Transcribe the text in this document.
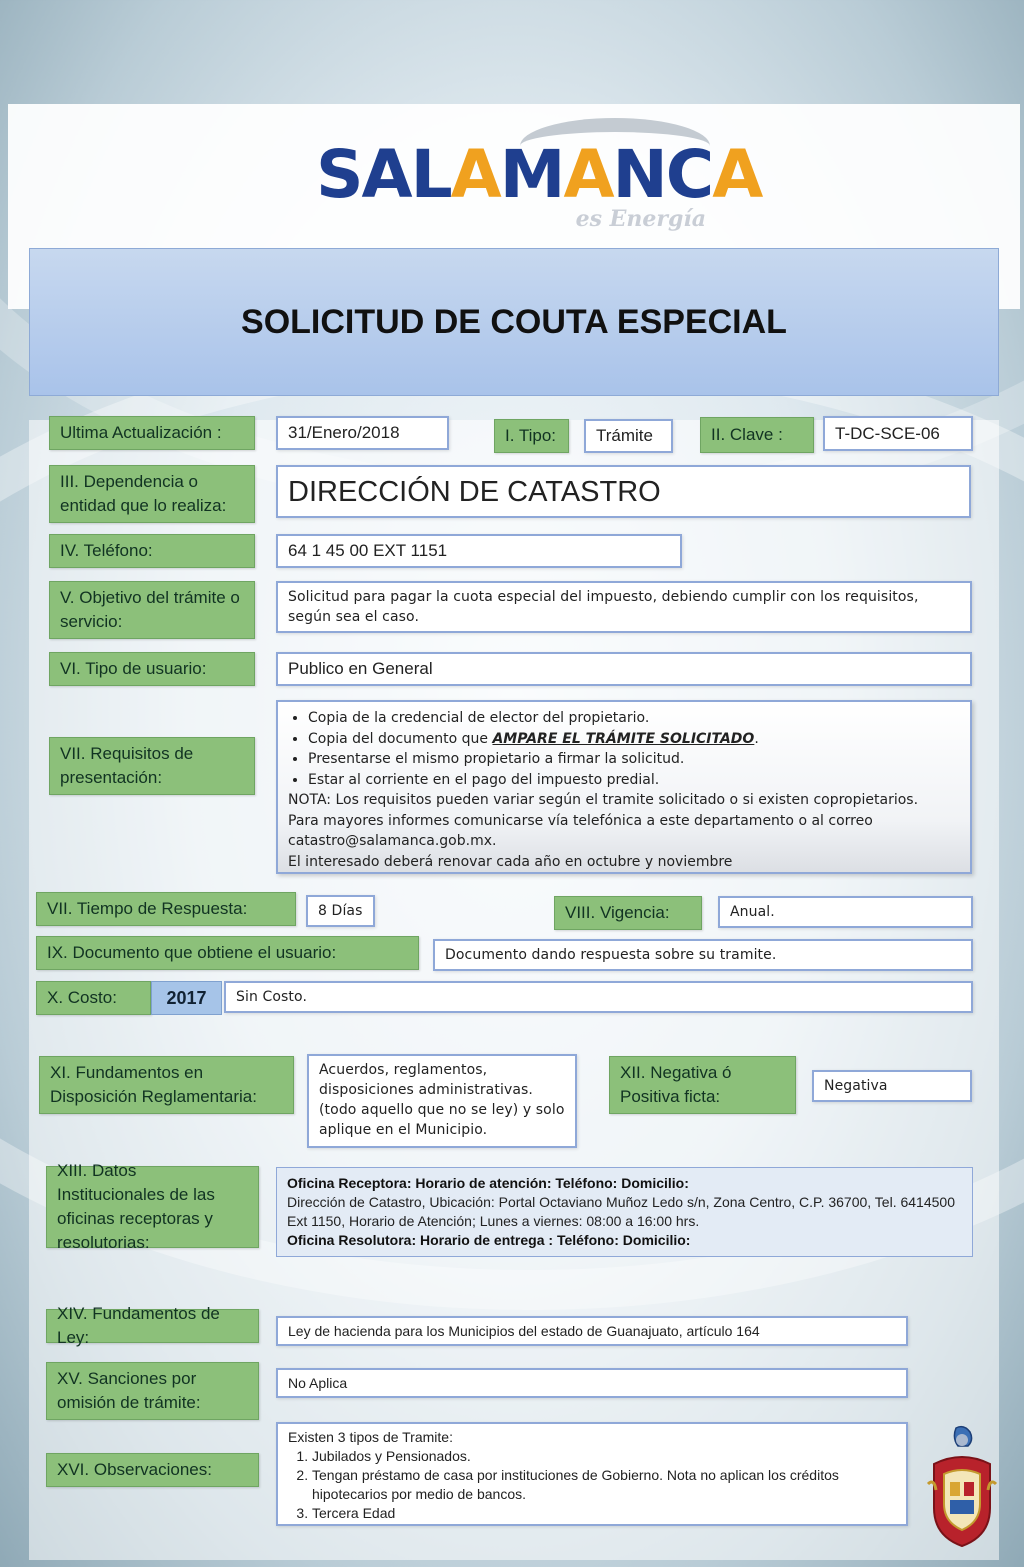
SALAMANCA
es Energía
SOLICITUD DE COUTA ESPECIAL
Ultima Actualización :	31/Enero/2018	I. Tipo:	Trámite	II. Clave :	T-DC-SCE-06
III. Dependencia o entidad que lo realiza:	DIRECCIÓN DE CATASTRO
IV. Teléfono:	64 1 45 00 EXT 1151
V. Objetivo del trámite o servicio:
Solicitud para pagar la cuota especial del impuesto, debiendo cumplir con los requisitos, según sea el caso.
VI. Tipo de usuario:	Publico en General
VII. Requisitos de presentación:
• Copia de la credencial de elector del propietario.
• Copia del documento que AMPARE EL TRÁMITE SOLICITADO.
• Presentarse el mismo propietario a firmar la solicitud.
• Estar al corriente en el pago del impuesto predial.
NOTA: Los requisitos pueden variar según el tramite solicitado o si existen copropietarios.
Para mayores informes comunicarse vía telefónica a este departamento o al correo catastro@salamanca.gob.mx.
El interesado deberá renovar cada año en octubre y noviembre
VII. Tiempo de Respuesta:	8 Días	VIII. Vigencia:	Anual.
IX. Documento que obtiene el usuario:	Documento dando respuesta sobre su tramite.
X. Costo:	2017	Sin Costo.
XI. Fundamentos en Disposición Reglamentaria:
Acuerdos, reglamentos, disposiciones administrativas. (todo aquello que no se ley) y solo aplique en el Municipio.
XII. Negativa ó Positiva ficta:
Negativa
XIII. Datos Institucionales de las oficinas receptoras y resolutorias:
Oficina Receptora: Horario de atención: Teléfono: Domicilio:
Dirección de Catastro, Ubicación: Portal Octaviano Muñoz Ledo s/n, Zona Centro, C.P. 36700, Tel. 6414500 Ext 1150, Horario de Atención; Lunes a viernes: 08:00 a 16:00 hrs.
Oficina Resolutora: Horario de entrega : Teléfono: Domicilio:
XIV. Fundamentos de Ley:	Ley de hacienda para los Municipios del estado de Guanajuato, artículo 164
XV. Sanciones por omisión de trámite:
No Aplica
XVI. Observaciones:
Existen 3 tipos de Tramite:
1. Jubilados y Pensionados.
2. Tengan préstamo de casa por instituciones de Gobierno. Nota no aplican los créditos hipotecarios por medio de bancos.
3. Tercera Edad
